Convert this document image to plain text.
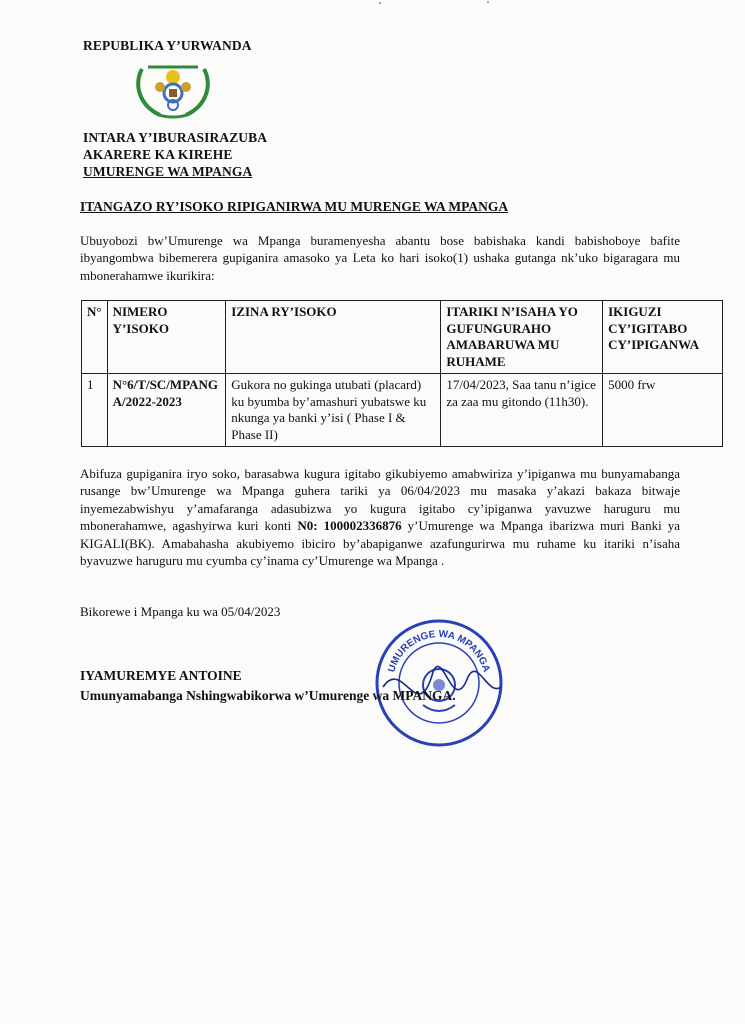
REPUBLIKA Y’URWANDA
INTARA Y’IBURASIRAZUBA
AKARERE KA KIREHE
UMURENGE WA MPANGA
ITANGAZO RY’ISOKO RIPIGANIRWA MU MURENGE WA MPANGA
Ubuyobozi bw’Umurenge wa Mpanga buramenyesha abantu bose babishaka kandi babishoboye bafite ibyangombwa bibemerera gupiganira amasoko ya Leta ko hari isoko(1) ushaka gutanga nk’uko bigaragara mu mbonerahamwe ikurikira:
N°	NIMERO Y’ISOKO	IZINA RY’ISOKO	ITARIKI N’ISAHA YO GUFUNGURAHO AMABARUWA MU RUHAME	IKIGUZI CY’IGITABO CY’IPIGANWA
1	N°6/T/SC/MPANGA/2022-2023	Gukora no gukinga utubati (placard) ku byumba by’amashuri yubatswe ku nkunga ya banki y’isi ( Phase I & Phase II)	17/04/2023, Saa tanu n’igice za zaa mu gitondo (11h30).	5000 frw
Abifuza gupiganira iryo soko, barasabwa kugura igitabo gikubiyemo amabwiriza y’ipiganwa mu bunyamabanga rusange bw’Umurenge wa Mpanga guhera tariki ya 06/04/2023 mu masaka y’akazi bakaza bitwaje inyemezabwishyu y’amafaranga adasubizwa yo kugura igitabo cy’ipiganwa yavuzwe haruguru mu mbonerahamwe, agashyirwa kuri konti N0: 100002336876 y’Umurenge wa Mpanga ibarizwa muri Banki ya KIGALI(BK). Amabahasha akubiyemo ibiciro by’abapiganwe azafungurirwa mu ruhame ku itariki n’isaha byavuzwe haruguru mu cyumba cy’inama cy’Umurenge wa Mpanga .
Bikorewe i Mpanga ku wa 05/04/2023
UMURENGE WA MPANGA
IYAMUREMYE ANTOINE
Umunyamabanga Nshingwabikorwa w’Umurenge wa MPANGA.
